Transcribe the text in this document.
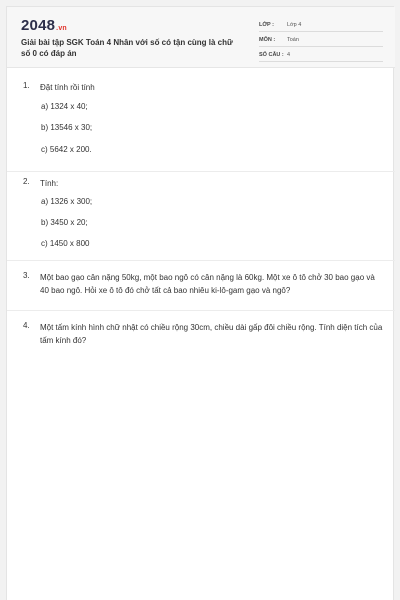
2048.vn
Giải bài tập SGK Toán 4 Nhân với số có tận cùng là chữ số 0 có đáp án
LỚP : Lớp 4
MÔN : Toán
SỐ CÂU : 4
1. Đặt tính rồi tính
a) 1324 x 40;
b) 13546 x 30;
c) 5642 x 200.
2. Tính:
a) 1326 x 300;
b) 3450 x 20;
c) 1450 x 800
3. Một bao gạo cân nặng 50kg, một bao ngô có cân nặng là 60kg. Một xe ô tô chở 30 bao gạo và 40 bao ngô. Hỏi xe ô tô đó chở tất cả bao nhiêu ki-lô-gam gạo và ngô?
4. Một tấm kính hình chữ nhật có chiều rộng 30cm, chiều dài gấp đôi chiều rộng. Tính diện tích của tấm kính đó?
